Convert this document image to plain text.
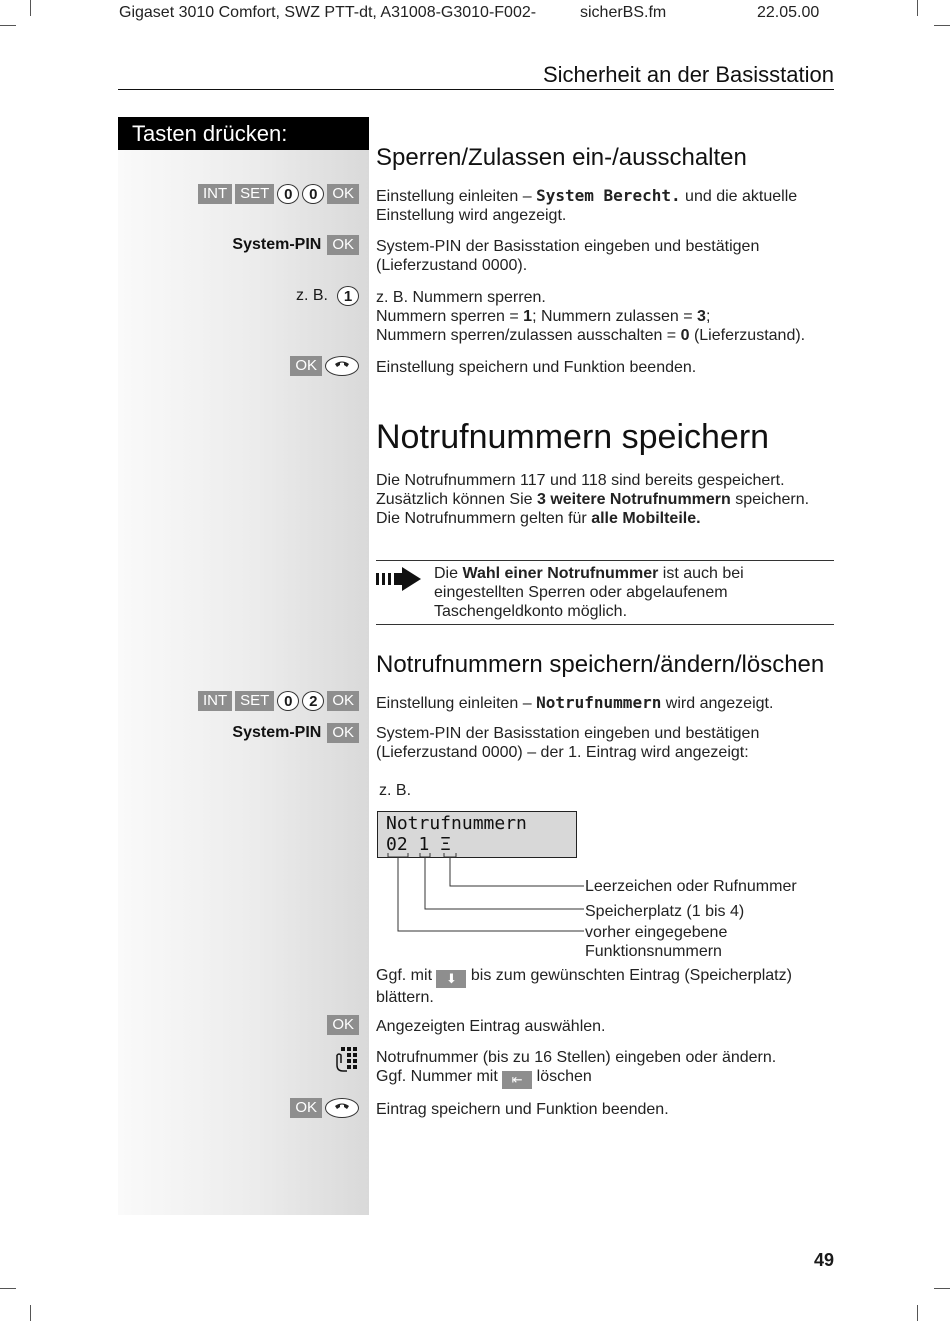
Gigaset 3010 Comfort, SWZ PTT-dt, A31008-G3010-F002-	sicherBS.fm	22.05.00
Sicherheit an der Basisstation
Tasten drücken:
Sperren/Zulassen ein-/ausschalten
INT SET 0	0 OK	Einstellung einleiten – System Berecht. und die aktuelle Einstellung wird angezeigt.
System-PIN OK	System-PIN der Basisstation eingeben und bestätigen (Lieferzustand 0000).
z. B.	1	z. B. Nummern sperren.
Nummern sperren = 1; Nummern zulassen = 3;
Nummern sperren/zulassen ausschalten = 0 (Lieferzustand).
OK	Einstellung speichern und Funktion beenden.
Notrufnummern speichern
Die Notrufnummern 117 und 118 sind bereits gespeichert.
Zusätzlich können Sie 3 weitere Notrufnummern speichern.
Die Notrufnummern gelten für alle Mobilteile.
Die Wahl einer Notrufnummer ist auch bei eingestellten Sperren oder abgelaufenem Taschengeldkonto möglich.
Notrufnummern speichern/ändern/löschen
INT SET 0	2 OK	Einstellung einleiten – Notrufnummern wird angezeigt.
System-PIN OK	System-PIN der Basisstation eingeben und bestätigen (Lieferzustand 0000) – der 1. Eintrag wird angezeigt:
z. B.
Notrufnummern
02 1 Ξ
Leerzeichen oder Rufnummer
Speicherplatz (1 bis 4)
vorher eingegebene
Funktionsnummern
Ggf. mit ⬇ bis zum gewünschten Eintrag (Speicherplatz) blättern.
OK	Angezeigten Eintrag auswählen.
Notrufnummer (bis zu 16 Stellen) eingeben oder ändern.
Ggf. Nummer mit ⇤ löschen
OK	Eintrag speichern und Funktion beenden.
49
